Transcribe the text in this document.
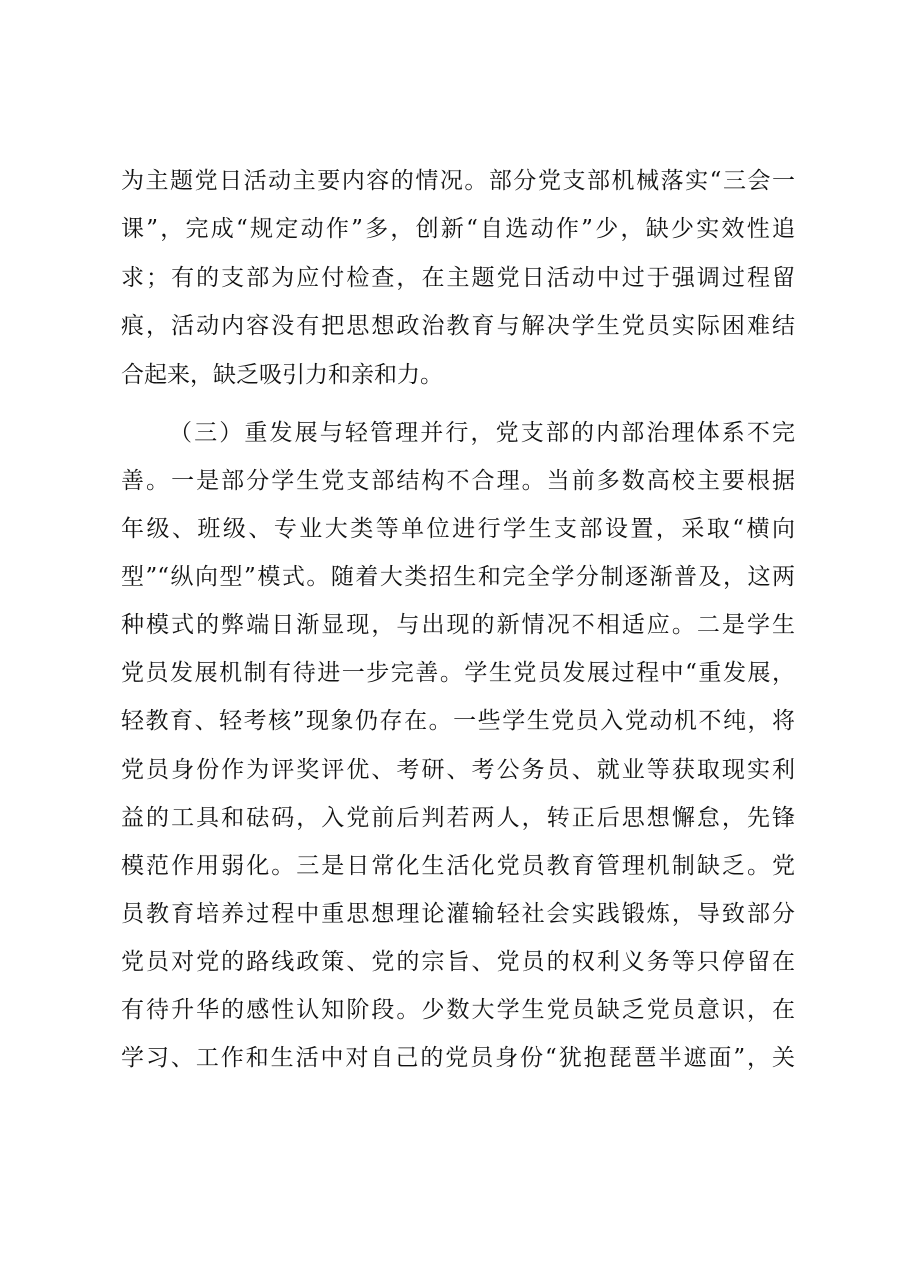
为主题党日活动主要内容的情况。部分党支部机械落实“三会一
课”，完成“规定动作”多，创新“自选动作”少，缺少实效性追
求；有的支部为应付检查，在主题党日活动中过于强调过程留
痕，活动内容没有把思想政治教育与解决学生党员实际困难结
合起来，缺乏吸引力和亲和力。
（三）重发展与轻管理并行，党支部的内部治理体系不完
善。一是部分学生党支部结构不合理。当前多数高校主要根据
年级、班级、专业大类等单位进行学生支部设置，采取“横向
型”“纵向型”模式。随着大类招生和完全学分制逐渐普及，这两
种模式的弊端日渐显现，与出现的新情况不相适应。二是学生
党员发展机制有待进一步完善。学生党员发展过程中“重发展，
轻教育、轻考核”现象仍存在。一些学生党员入党动机不纯，将
党员身份作为评奖评优、考研、考公务员、就业等获取现实利
益的工具和砝码，入党前后判若两人，转正后思想懈怠，先锋
模范作用弱化。三是日常化生活化党员教育管理机制缺乏。党
员教育培养过程中重思想理论灌输轻社会实践锻炼，导致部分
党员对党的路线政策、党的宗旨、党员的权利义务等只停留在
有待升华的感性认知阶段。少数大学生党员缺乏党员意识，在
学习、工作和生活中对自己的党员身份“犹抱琵琶半遮面”，关
